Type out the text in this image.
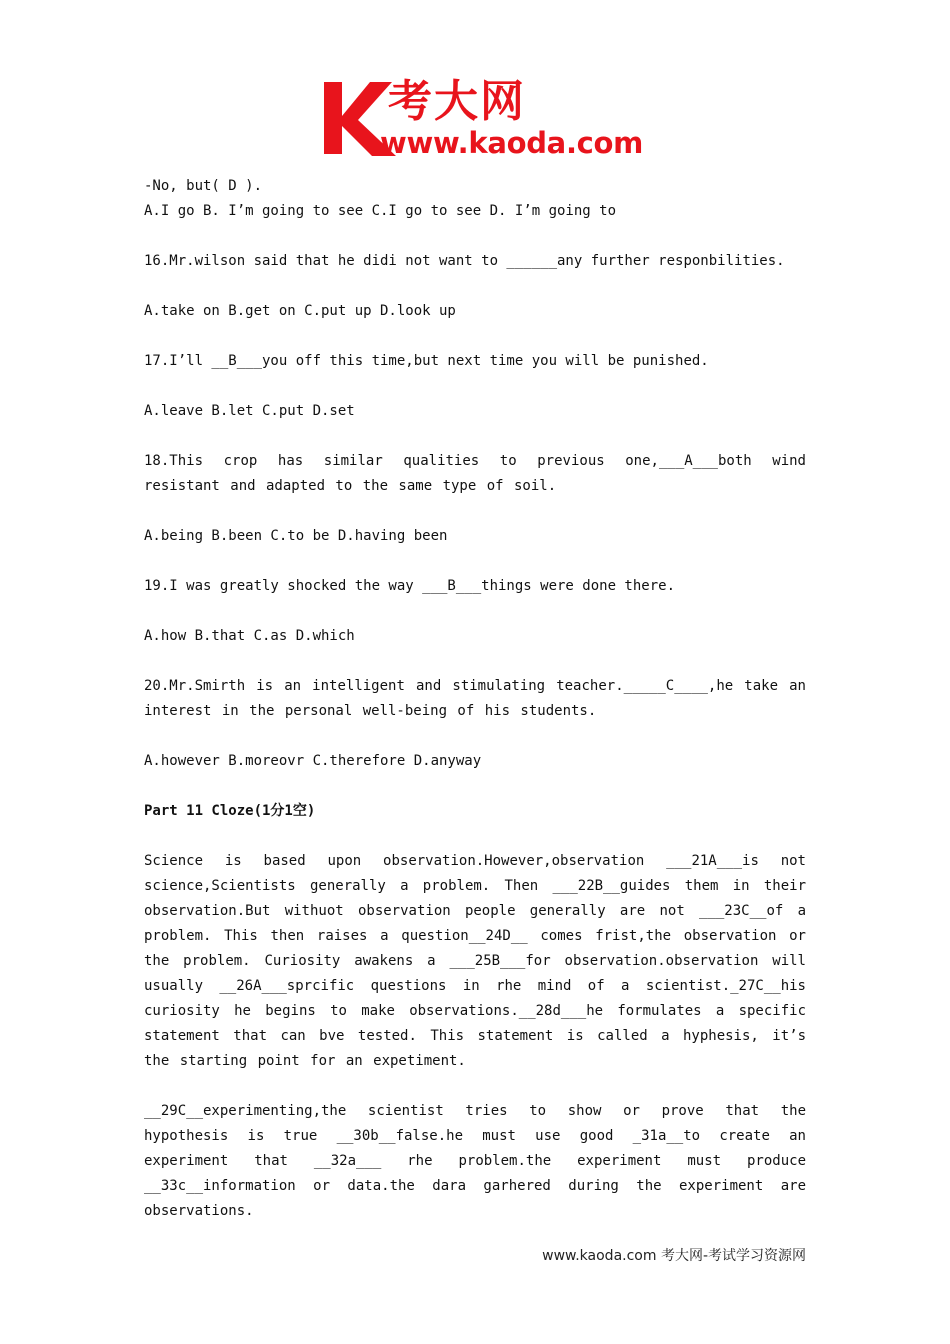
考大网
www.kaoda.com

-No, but( D ).

A.I go B. I’m going to see C.I go to see D. I’m going to

16.Mr.wilson said that he didi not want to ______any further responbilities.

A.take on B.get on C.put up D.look up

17.I’ll __B___you off this time,but next time you will be punished.

A.leave B.let C.put D.set

18.This crop has similar qualities to previous one,___A___both wind resistant and adapted to the same type of soil.

A.being B.been C.to be D.having been

19.I was greatly shocked the way ___B___things were done there.

A.how B.that C.as D.which

20.Mr.Smirth is an intelligent and stimulating teacher._____C____,he take an interest in the personal well-being of his students.

A.however B.moreovr C.therefore D.anyway

Part 11 Cloze(1分1空)

Science is based upon observation.However,observation ___21A___is not science,Scientists generally a problem. Then ___22B__guides them in their observation.But withuot observation people generally are not ___23C__of a problem. This then raises a question__24D__ comes frist,the observation or the problem. Curiosity awakens a ___25B___for observation.observation will usually __26A___sprcific questions in rhe mind of a scientist._27C__his curiosity he begins to make observations.__28d___he formulates a specific statement that can bve tested. This statement is called a hyphesis, it’s the starting point for an expetiment.

__29C__experimenting,the scientist tries to show or prove that the hypothesis is true __30b__false.he must use good _31a__to create an experiment that __32a___ rhe problem.the experiment must produce __33c__information or data.the dara garhered during the experiment are observations.

www.kaoda.com 考大网-考试学习资源网
